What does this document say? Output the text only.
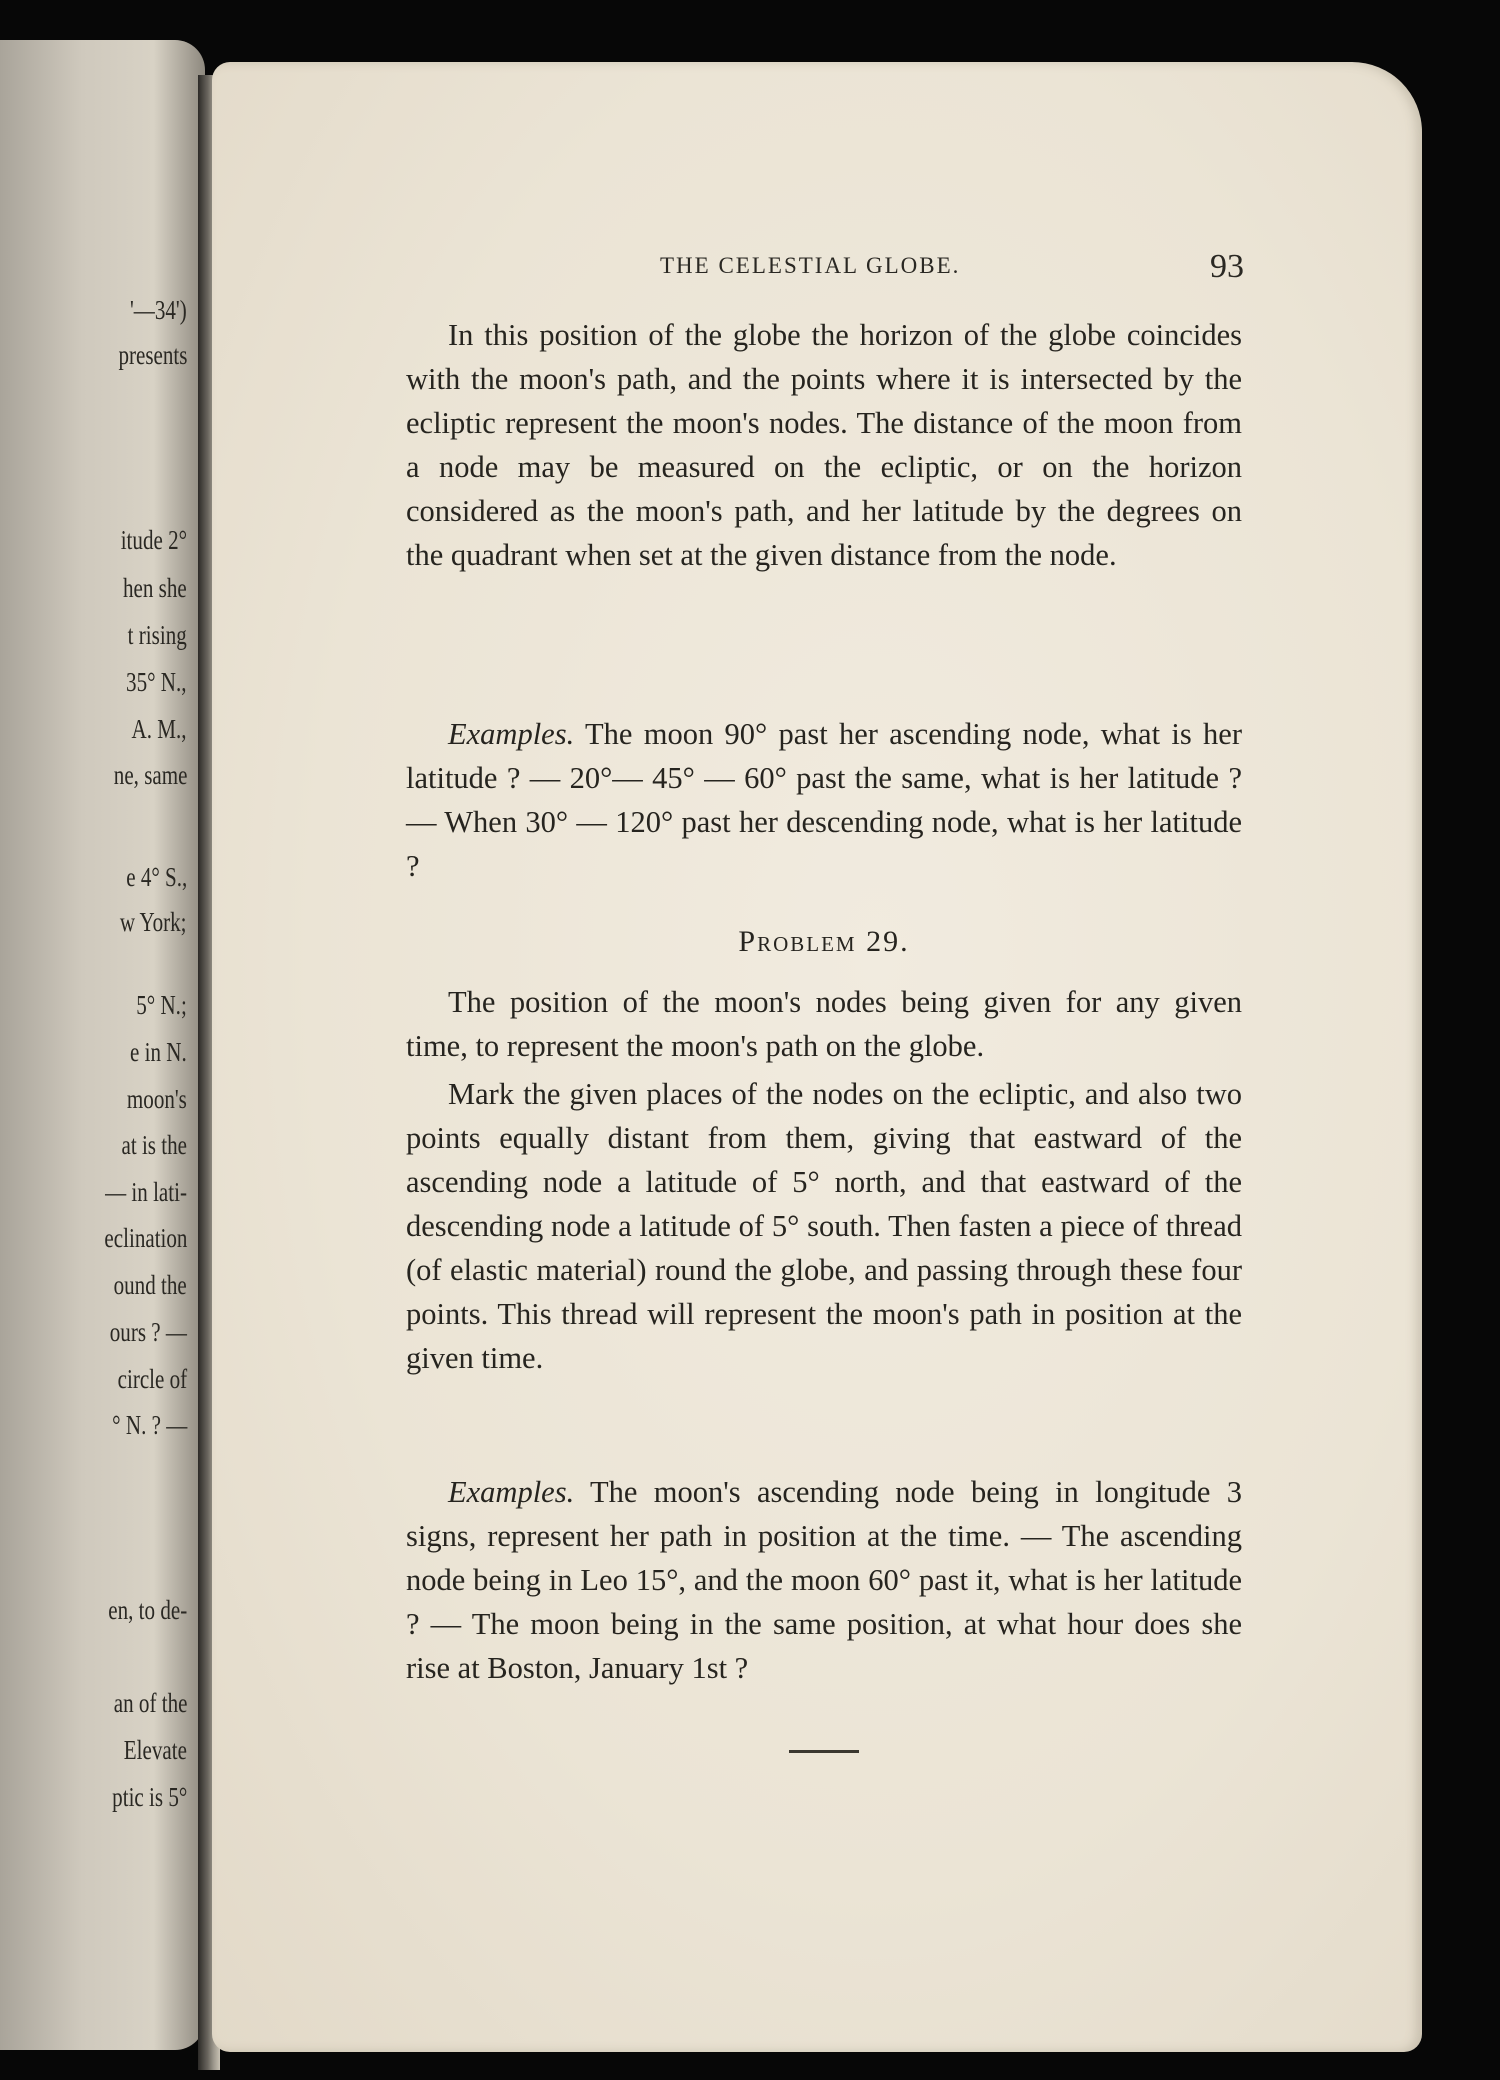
'—34')
presents
itude 2°
hen she
t rising
35° N.,
A. M.,
ne, same
e 4° S.,
w York;
5° N.;
e in N.
moon's
at is the
— in lati-
eclination
ound the
ours ? —
circle of
° N. ? —
en, to de-
an of the
Elevate
ptic is 5°
THE CELESTIAL GLOBE.	93

In this position of the globe the horizon of the globe coincides with the moon's path, and the points where it is intersected by the ecliptic represent the moon's nodes. The distance of the moon from a node may be measured on the ecliptic, or on the horizon considered as the moon's path, and her latitude by the degrees on the quadrant when set at the given distance from the node.

Examples. The moon 90° past her ascending node, what is her latitude ? — 20°— 45° — 60° past the same, what is her latitude ? — When 30° — 120° past her descending node, what is her latitude ?

Problem 29.

The position of the moon's nodes being given for any given time, to represent the moon's path on the globe.

Mark the given places of the nodes on the ecliptic, and also two points equally distant from them, giving that eastward of the ascending node a latitude of 5° north, and that eastward of the descending node a latitude of 5° south. Then fasten a piece of thread (of elastic material) round the globe, and passing through these four points. This thread will represent the moon's path in position at the given time.

Examples. The moon's ascending node being in longitude 3 signs, represent her path in position at the time. — The ascending node being in Leo 15°, and the moon 60° past it, what is her latitude ? — The moon being in the same position, at what hour does she rise at Boston, January 1st ?
